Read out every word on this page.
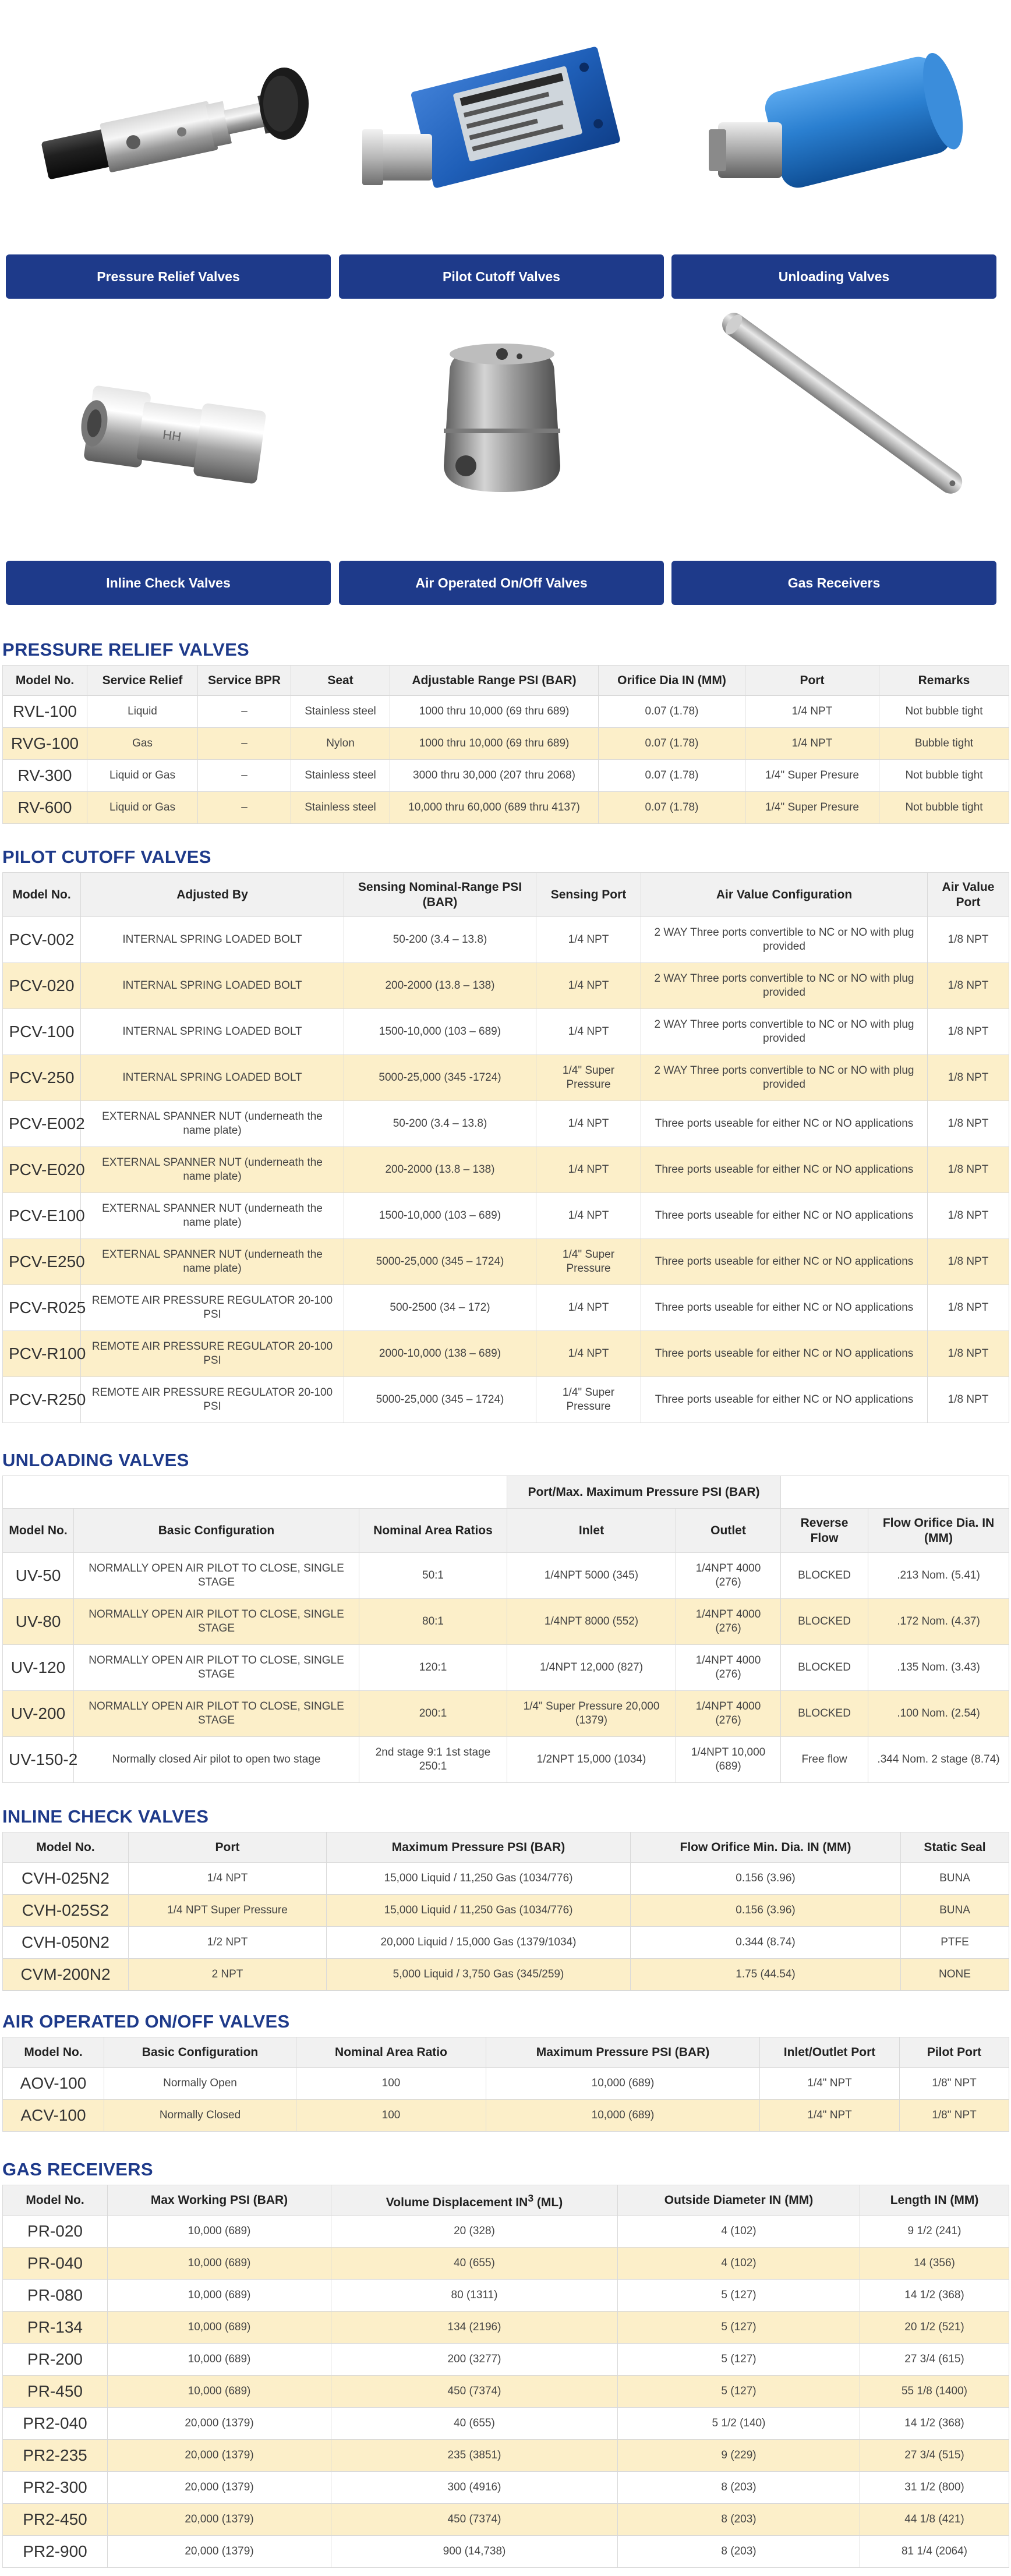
Pressure Relief Valves	Pilot Cutoff Valves	Unloading Valves
HH
Inline Check Valves	Air Operated On/Off Valves	Gas Receivers
PRESSURE RELIEF VALVES
Model No.	Service Relief	Service BPR	Seat	Adjustable Range PSI (BAR)	Orifice Dia IN (MM)	Port	Remarks
RVL-100	Liquid	–	Stainless steel	1000 thru 10,000 (69 thru 689)	0.07 (1.78)	1/4 NPT	Not bubble tight
RVG-100	Gas	–	Nylon	1000 thru 10,000 (69 thru 689)	0.07 (1.78)	1/4 NPT	Bubble tight
RV-300	Liquid or Gas	–	Stainless steel	3000 thru 30,000 (207 thru 2068)	0.07 (1.78)	1/4" Super Presure	Not bubble tight
RV-600	Liquid or Gas	–	Stainless steel	10,000 thru 60,000 (689 thru 4137)	0.07 (1.78)	1/4" Super Presure	Not bubble tight
PILOT CUTOFF VALVES
Model No.	Adjusted By	Sensing Nominal-Range PSI (BAR)	Sensing Port	Air Value Configuration	Air Value Port
PCV-002	INTERNAL SPRING LOADED BOLT	50-200 (3.4 – 13.8)	1/4 NPT	2 WAY Three ports convertible to NC or NO with plug provided	1/8 NPT
PCV-020	INTERNAL SPRING LOADED BOLT	200-2000 (13.8 – 138)	1/4 NPT	2 WAY Three ports convertible to NC or NO with plug provided	1/8 NPT
PCV-100	INTERNAL SPRING LOADED BOLT	1500-10,000 (103 – 689)	1/4 NPT	2 WAY Three ports convertible to NC or NO with plug provided	1/8 NPT
PCV-250	INTERNAL SPRING LOADED BOLT	5000-25,000 (345 -1724)	1/4" Super Pressure	2 WAY Three ports convertible to NC or NO with plug provided	1/8 NPT
PCV-E002	EXTERNAL SPANNER NUT (underneath the name plate)	50-200 (3.4 – 13.8)	1/4 NPT	Three ports useable for either NC or NO applications	1/8 NPT
PCV-E020	EXTERNAL SPANNER NUT (underneath the name plate)	200-2000 (13.8 – 138)	1/4 NPT	Three ports useable for either NC or NO applications	1/8 NPT
PCV-E100	EXTERNAL SPANNER NUT (underneath the name plate)	1500-10,000 (103 – 689)	1/4 NPT	Three ports useable for either NC or NO applications	1/8 NPT
PCV-E250	EXTERNAL SPANNER NUT (underneath the name plate)	5000-25,000 (345 – 1724)	1/4" Super Pressure	Three ports useable for either NC or NO applications	1/8 NPT
PCV-R025	REMOTE AIR PRESSURE REGULATOR 20-100 PSI	500-2500 (34 – 172)	1/4 NPT	Three ports useable for either NC or NO applications	1/8 NPT
PCV-R100	REMOTE AIR PRESSURE REGULATOR 20-100 PSI	2000-10,000 (138 – 689)	1/4 NPT	Three ports useable for either NC or NO applications	1/8 NPT
PCV-R250	REMOTE AIR PRESSURE REGULATOR 20-100 PSI	5000-25,000 (345 – 1724)	1/4" Super Pressure	Three ports useable for either NC or NO applications	1/8 NPT
UNLOADING VALVES
			Port/Max. Maximum Pressure PSI (BAR)			
Model No.	Basic Configuration	Nominal Area Ratios	Inlet	Outlet	Reverse Flow	Flow Orifice Dia. IN (MM)
UV-50	NORMALLY OPEN AIR PILOT TO CLOSE, SINGLE STAGE	50:1	1/4NPT 5000 (345)	1/4NPT 4000 (276)	BLOCKED	.213 Nom. (5.41)
UV-80	NORMALLY OPEN AIR PILOT TO CLOSE, SINGLE STAGE	80:1	1/4NPT 8000 (552)	1/4NPT 4000 (276)	BLOCKED	.172 Nom. (4.37)
UV-120	NORMALLY OPEN AIR PILOT TO CLOSE, SINGLE STAGE	120:1	1/4NPT 12,000 (827)	1/4NPT 4000 (276)	BLOCKED	.135 Nom. (3.43)
UV-200	NORMALLY OPEN AIR PILOT TO CLOSE, SINGLE STAGE	200:1	1/4" Super Pressure 20,000 (1379)	1/4NPT 4000 (276)	BLOCKED	.100 Nom. (2.54)
UV-150-2	Normally closed Air pilot to open two stage	2nd stage 9:1 1st stage 250:1	1/2NPT 15,000 (1034)	1/4NPT 10,000 (689)	Free flow	.344 Nom. 2 stage (8.74)
INLINE CHECK VALVES
Model No.	Port	Maximum Pressure PSI (BAR)	Flow Orifice Min. Dia. IN (MM)	Static Seal
CVH-025N2	1/4 NPT	15,000 Liquid / 11,250 Gas (1034/776)	0.156 (3.96)	BUNA
CVH-025S2	1/4 NPT Super Pressure	15,000 Liquid / 11,250 Gas (1034/776)	0.156 (3.96)	BUNA
CVH-050N2	1/2 NPT	20,000 Liquid / 15,000 Gas (1379/1034)	0.344 (8.74)	PTFE
CVM-200N2	2 NPT	5,000 Liquid / 3,750 Gas (345/259)	1.75 (44.54)	NONE
AIR OPERATED ON/OFF VALVES
Model No.	Basic Configuration	Nominal Area Ratio	Maximum Pressure PSI (BAR)	Inlet/Outlet Port	Pilot Port
AOV-100	Normally Open	100	10,000 (689)	1/4" NPT	1/8" NPT
ACV-100	Normally Closed	100	10,000 (689)	1/4" NPT	1/8" NPT
GAS RECEIVERS
Model No.	Max Working PSI (BAR)	Volume Displacement $IN^3$ (ML)	Outside Diameter IN (MM)	Length IN (MM)
PR-020	10,000 (689)	20 (328)	4 (102)	9 1/2 (241)
PR-040	10,000 (689)	40 (655)	4 (102)	14 (356)
PR-080	10,000 (689)	80 (1311)	5 (127)	14 1/2 (368)
PR-134	10,000 (689)	134 (2196)	5 (127)	20 1/2 (521)
PR-200	10,000 (689)	200 (3277)	5 (127)	27 3/4 (615)
PR-450	10,000 (689)	450 (7374)	5 (127)	55 1/8 (1400)
PR2-040	20,000 (1379)	40 (655)	5 1/2 (140)	14 1/2 (368)
PR2-235	20,000 (1379)	235 (3851)	9 (229)	27 3/4 (515)
PR2-300	20,000 (1379)	300 (4916)	8 (203)	31 1/2 (800)
PR2-450	20,000 (1379)	450 (7374)	8 (203)	44 1/8 (421)
PR2-900	20,000 (1379)	900 (14,738)	8 (203)	81 1/4 (2064)
